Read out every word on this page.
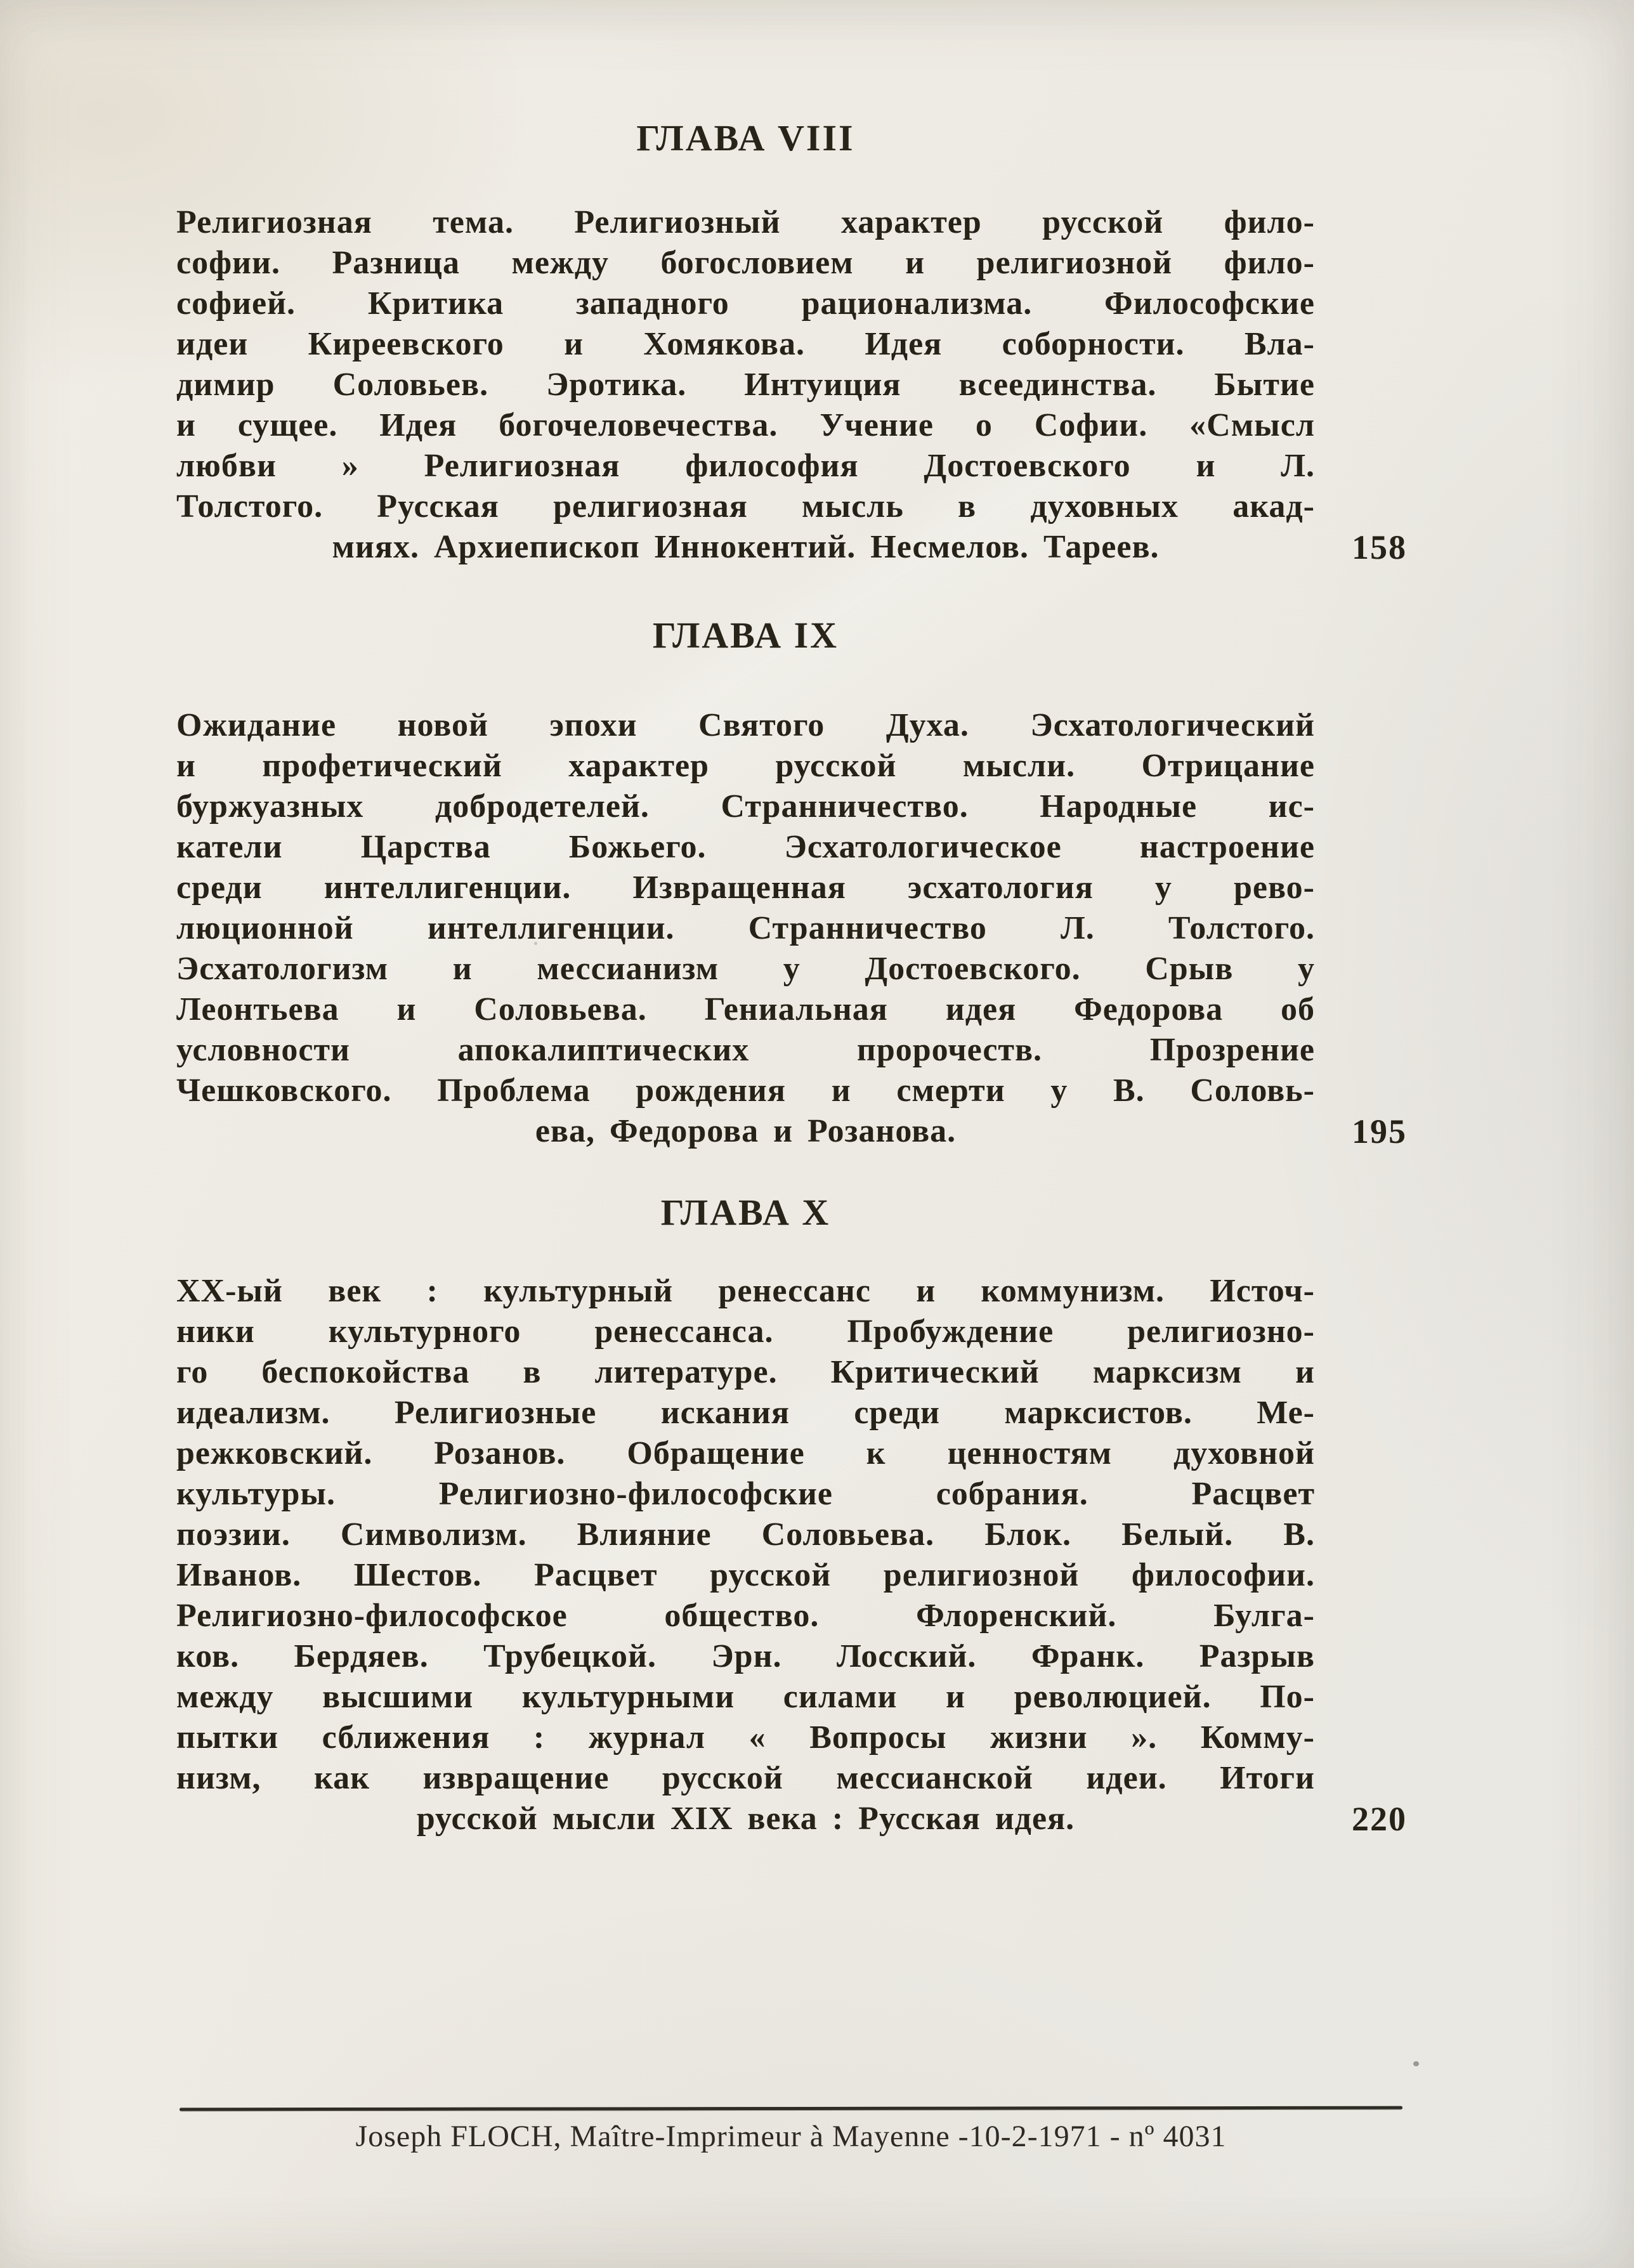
ГЛАВА VIII
Религиозная тема. Религиозный характер русской фило-
софии. Разница между богословием и религиозной фило-
софией. Критика западного рационализма. Философские
идеи Киреевского и Хомякова. Идея соборности. Вла-
димир Соловьев. Эротика. Интуиция всеединства. Бытие
и сущее. Идея богочеловечества. Учение о Софии. «Смысл
любви » Религиозная философия Достоевского и Л.
Толстого. Русская религиозная мысль в духовных акад-
миях. Архиепископ Иннокентий. Несмелов. Тареев.	158
ГЛАВА IX
Ожидание новой эпохи Святого Духа. Эсхатологический
и профетический характер русской мысли. Отрицание
буржуазных добродетелей. Странничество. Народные ис-
катели Царства Божьего. Эсхатологическое настроение
среди интеллигенции. Извращенная эсхатология у рево-
люционной интеллигенции. Странничество Л. Толстого.
Эсхатологизм и мессианизм у Достоевского. Срыв у
Леонтьева и Соловьева. Гениальная идея Федорова об
условности апокалиптических пророчеств. Прозрение
Чешковского. Проблема рождения и смерти у В. Соловь-
ева, Федорова и Розанова.	195
ГЛАВА X
XX-ый век : культурный ренессанс и коммунизм. Источ-
ники культурного ренессанса. Пробуждение религиозно-
го беспокойства в литературе. Критический марксизм и
идеализм. Религиозные искания среди марксистов. Ме-
режковский. Розанов. Обращение к ценностям духовной
культуры. Религиозно-философские собрания. Расцвет
поэзии. Символизм. Влияние Соловьева. Блок. Белый. В.
Иванов. Шестов. Расцвет русской религиозной философии.
Религиозно-философское общество. Флоренский. Булга-
ков. Бердяев. Трубецкой. Эрн. Лосский. Франк. Разрыв
между высшими культурными силами и революцией. По-
пытки сближения : журнал « Вопросы жизни ». Комму-
низм, как извращение русской мессианской идеи. Итоги
русской мысли XIX века : Русская идея.	220
Joseph FLOCH, Maître-Imprimeur à Mayenne -10-2-1971 - nº 4031
